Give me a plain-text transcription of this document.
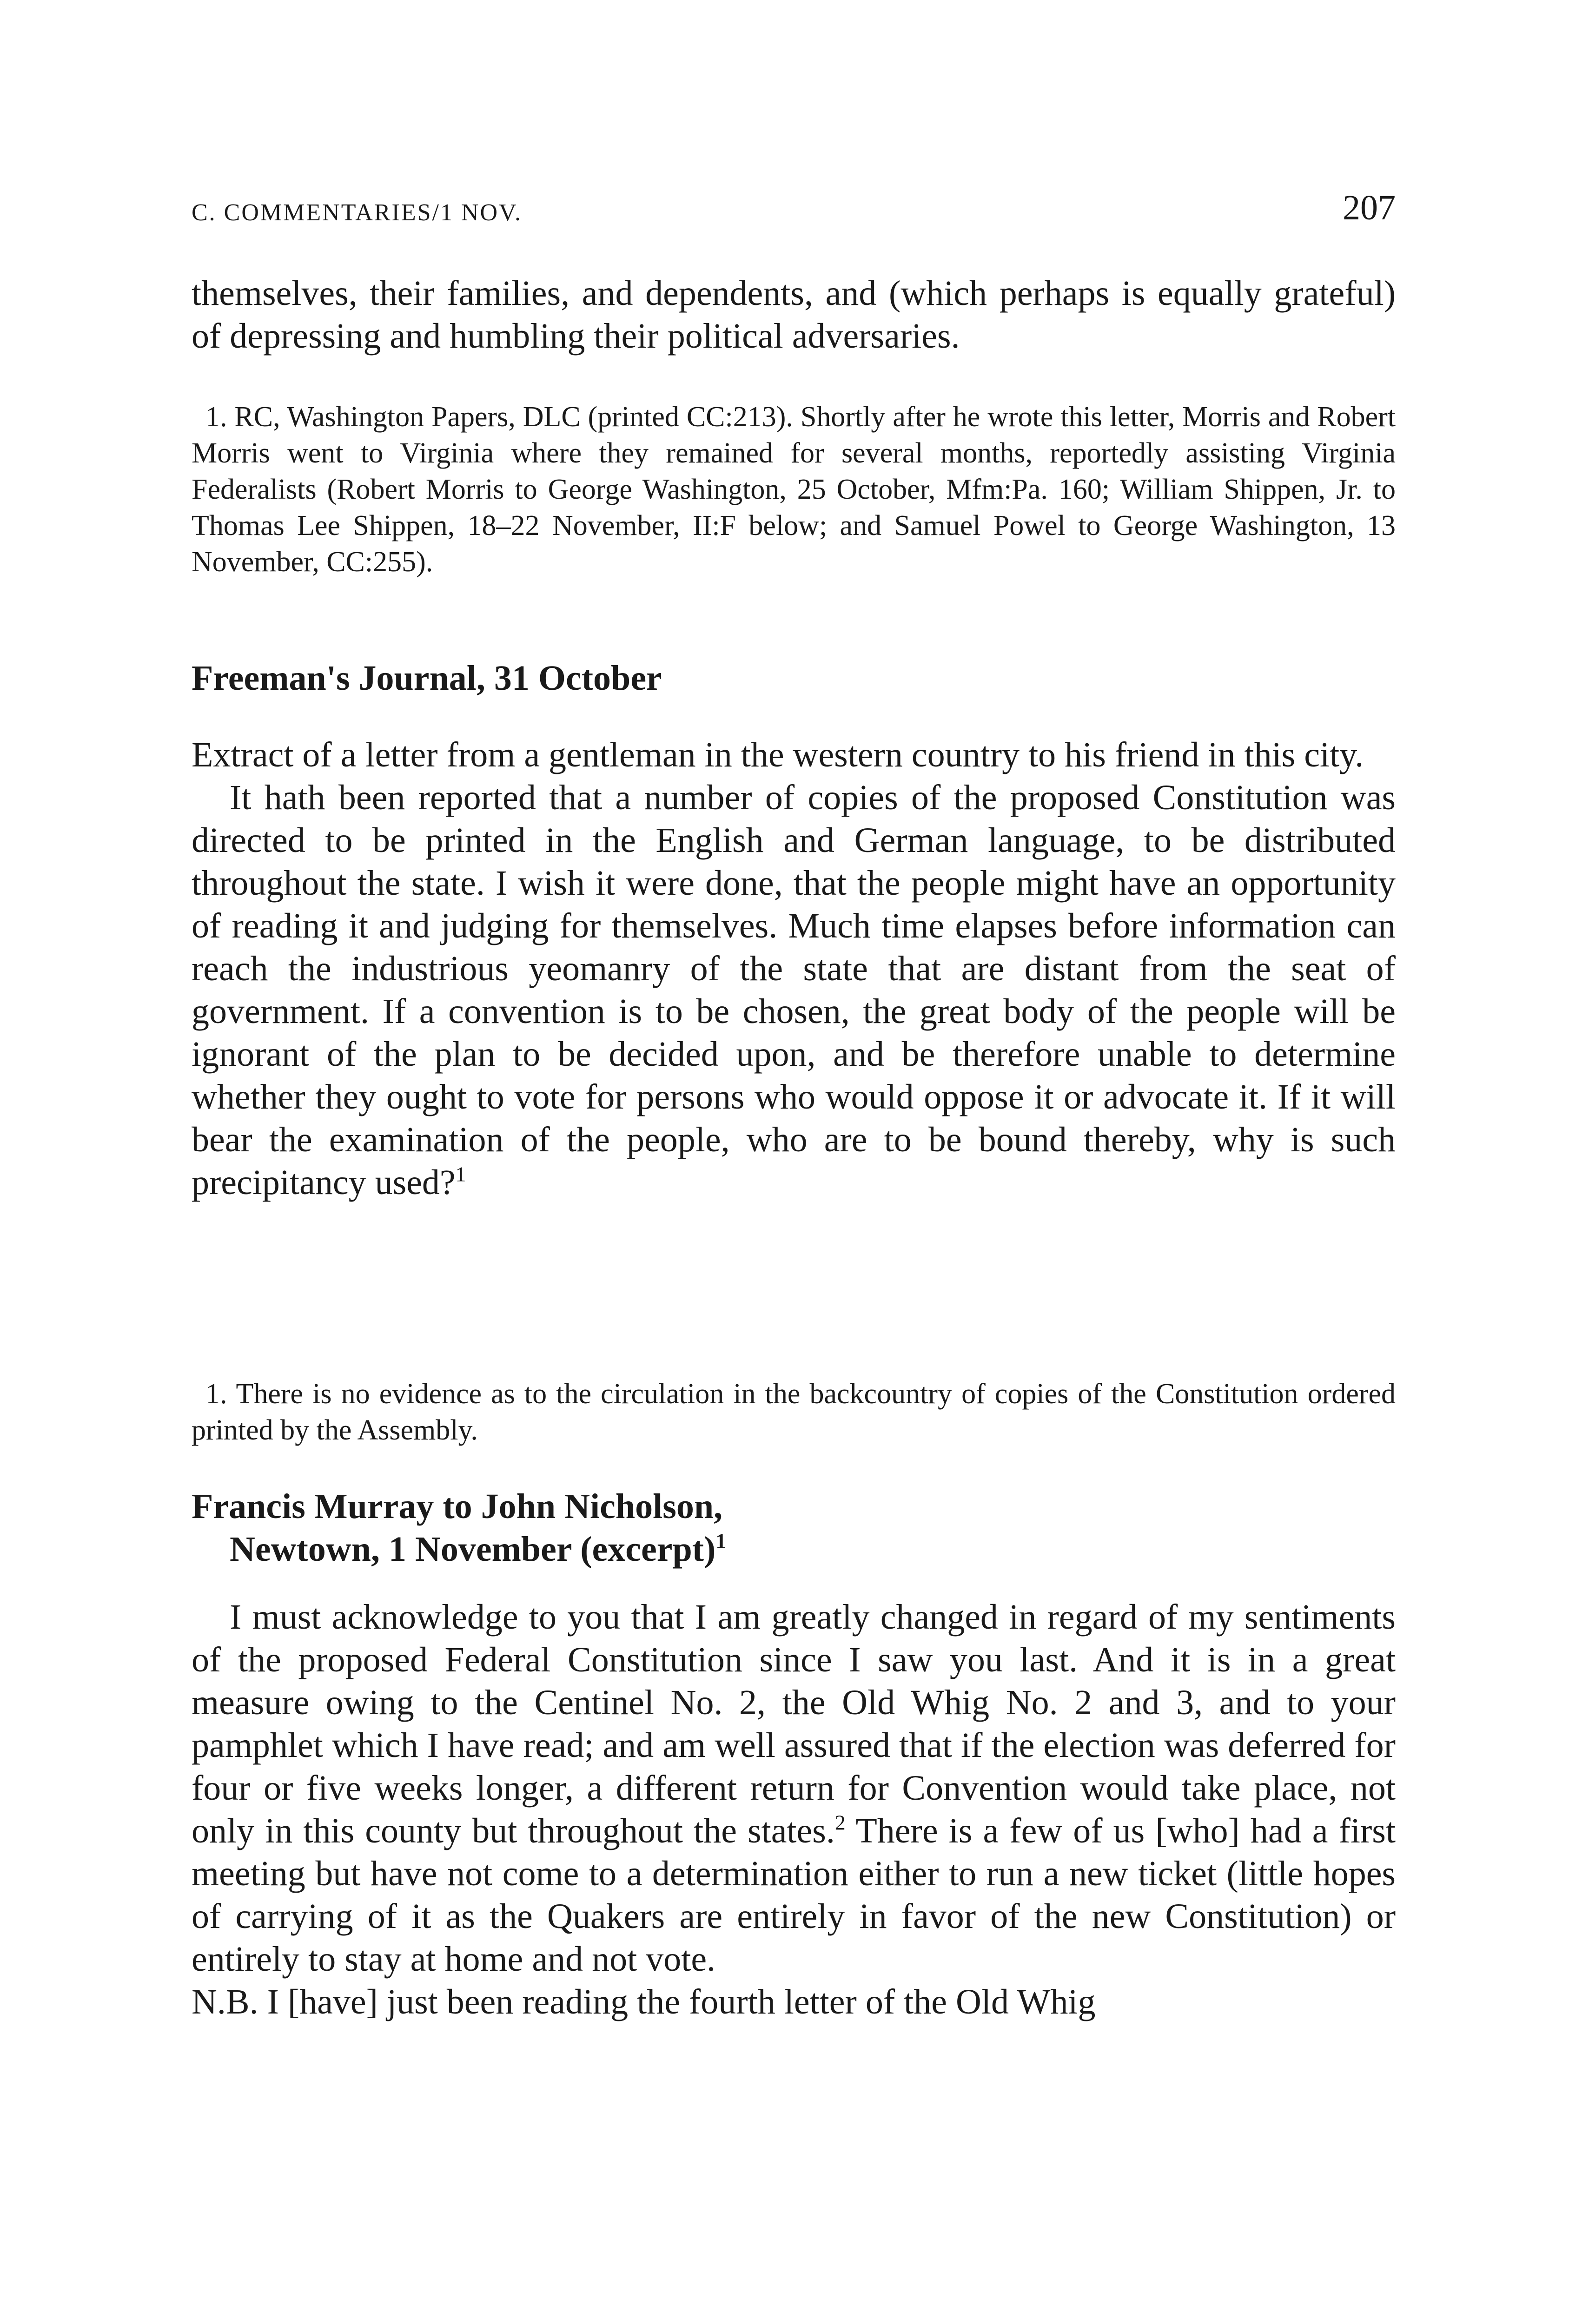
C. COMMENTARIES/1 NOV.	207

themselves, their families, and dependents, and (which perhaps is equally grateful) of depressing and humbling their political adversaries.

1. RC, Washington Papers, DLC (printed CC:213). Shortly after he wrote this letter, Morris and Robert Morris went to Virginia where they remained for several months, reportedly assisting Virginia Federalists (Robert Morris to George Washington, 25 October, Mfm:Pa. 160; William Shippen, Jr. to Thomas Lee Shippen, 18–22 November, II:F below; and Samuel Powel to George Washington, 13 November, CC:255).

Freeman's Journal, 31 October

Extract of a letter from a gentleman in the western country to his friend in this city.

It hath been reported that a number of copies of the proposed Constitution was directed to be printed in the English and German language, to be distributed throughout the state. I wish it were done, that the people might have an opportunity of reading it and judging for themselves. Much time elapses before information can reach the industrious yeomanry of the state that are distant from the seat of government. If a convention is to be chosen, the great body of the people will be ignorant of the plan to be decided upon, and be therefore unable to determine whether they ought to vote for persons who would oppose it or advocate it. If it will bear the examination of the people, who are to be bound thereby, why is such precipitancy used?$^1$

1. There is no evidence as to the circulation in the backcountry of copies of the Constitution ordered printed by the Assembly.

Francis Murray to John Nicholson,
Newtown, 1 November (excerpt)$^1$

I must acknowledge to you that I am greatly changed in regard of my sentiments of the proposed Federal Constitution since I saw you last. And it is in a great measure owing to the Centinel No. 2, the Old Whig No. 2 and 3, and to your pamphlet which I have read; and am well assured that if the election was deferred for four or five weeks longer, a different return for Convention would take place, not only in this county but throughout the states.$^2$ There is a few of us [who] had a first meeting but have not come to a determination either to run a new ticket (little hopes of carrying of it as the Quakers are entirely in favor of the new Constitution) or entirely to stay at home and not vote.

N.B. I [have] just been reading the fourth letter of the Old Whig
